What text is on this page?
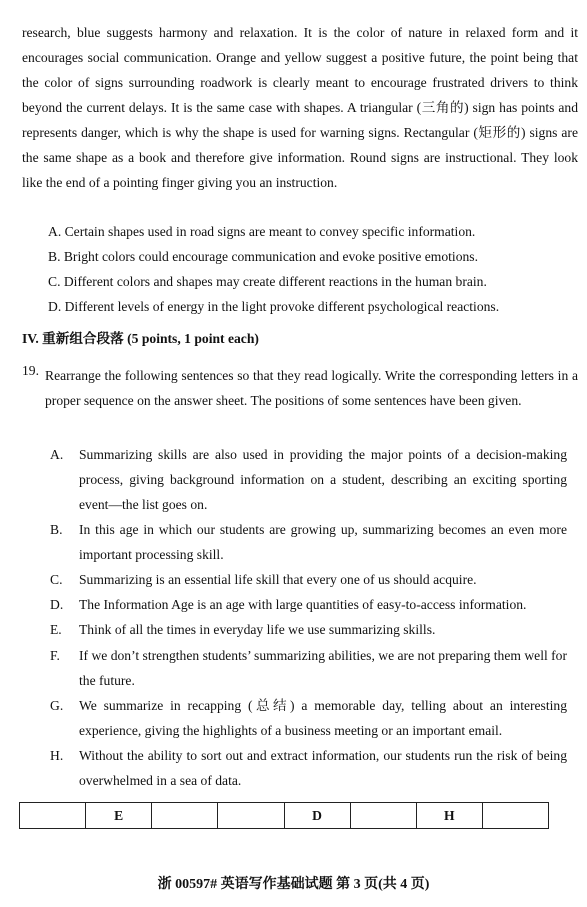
research, blue suggests harmony and relaxation. It is the color of nature in relaxed form and it encourages social communication. Orange and yellow suggest a positive future, the point being that the color of signs surrounding roadwork is clearly meant to encourage frustrated drivers to think beyond the current delays. It is the same case with shapes. A triangular (三角的) sign has points and represents danger, which is why the shape is used for warning signs. Rectangular (矩形的) signs are the same shape as a book and therefore give information. Round signs are instructional. They look like the end of a pointing finger giving you an instruction.
A. Certain shapes used in road signs are meant to convey specific information.
B. Bright colors could encourage communication and evoke positive emotions.
C. Different colors and shapes may create different reactions in the human brain.
D. Different levels of energy in the light provoke different psychological reactions.
IV. 重新组合段落 (5 points, 1 point each)
19. Rearrange the following sentences so that they read logically. Write the corresponding letters in a proper sequence on the answer sheet. The positions of some sentences have been given.
A. Summarizing skills are also used in providing the major points of a decision-making process, giving background information on a student, describing an exciting sporting event—the list goes on.
B. In this age in which our students are growing up, summarizing becomes an even more important processing skill.
C. Summarizing is an essential life skill that every one of us should acquire.
D. The Information Age is an age with large quantities of easy-to-access information.
E. Think of all the times in everyday life we use summarizing skills.
F. If we don’t strengthen students’ summarizing abilities, we are not preparing them well for the future.
G. We summarize in recapping (总结) a memorable day, telling about an interesting experience, giving the highlights of a business meeting or an important email.
H. Without the ability to sort out and extract information, our students run the risk of being overwhelmed in a sea of data.
	E			D		H	
浙 00597# 英语写作基础试题 第 3 页(共 4 页)
